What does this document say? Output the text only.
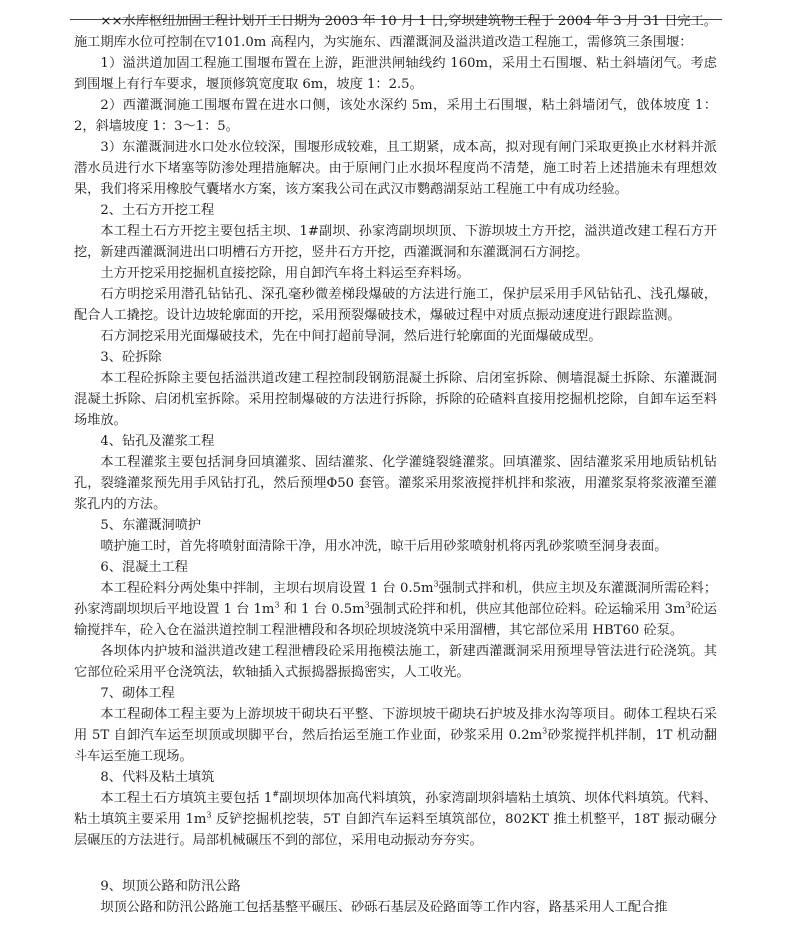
××水库枢纽加固工程计划开工日期为 2003 年 10 月 1 日,穿坝建筑物工程于 2004 年 3 月 31 日完工。施工期库水位可控制在▽101.0m 高程内，为实施东、西灌溉洞及溢洪道改造工程施工，需修筑三条围堰：

1）溢洪道加固工程施工围堰布置在上游，距泄洪闸轴线约 160m，采用土石围堰、粘土斜墙闭气。考虑到围堰上有行车要求，堰顶修筑宽度取 6m，坡度 1：2.5。

2）西灌溉洞施工围堰布置在进水口侧，该处水深约 5m，采用土石围堰，粘土斜墙闭气，戗体坡度 1：2，斜墙坡度 1：3～1：5。

3）东灌溉洞进水口处水位较深，围堰形成较难，且工期紧，成本高，拟对现有闸门采取更换止水材料并派潜水员进行水下堵塞等防渗处理措施解决。由于原闸门止水损坏程度尚不清楚，施工时若上述措施未有理想效果，我们将采用橡胶气囊堵水方案，该方案我公司在武汉市鹦鹉湖泵站工程施工中有成功经验。

2、土石方开挖工程

本工程土石方开挖主要包括主坝、1#副坝、孙家湾副坝坝顶、下游坝坡土方开挖，溢洪道改建工程石方开挖，新建西灌溉洞进出口明槽石方开挖，竖井石方开挖，西灌溉洞和东灌溉洞石方洞挖。

土方开挖采用挖掘机直接挖除，用自卸汽车将土料运至弃料场。

石方明挖采用潜孔钻钻孔、深孔毫秒微差梯段爆破的方法进行施工，保护层采用手风钻钻孔、浅孔爆破，配合人工撬挖。设计边坡轮廓面的开挖，采用预裂爆破技术，爆破过程中对质点振动速度进行跟踪监测。

石方洞挖采用光面爆破技术，先在中间打超前导洞，然后进行轮廓面的光面爆破成型。

3、砼拆除

本工程砼拆除主要包括溢洪道改建工程控制段钢筋混凝土拆除、启闭室拆除、侧墙混凝土拆除、东灌溉洞混凝土拆除、启闭机室拆除。采用控制爆破的方法进行拆除，拆除的砼碴料直接用挖掘机挖除，自卸车运至料场堆放。

4、钻孔及灌浆工程

本工程灌浆主要包括洞身回填灌浆、固结灌浆、化学灌缝裂缝灌浆。回填灌浆、固结灌浆采用地质钻机钻孔，裂缝灌浆预先用手风钻打孔，然后预埋Φ50 套管。灌浆采用浆液搅拌机拌和浆液，用灌浆泵将浆液灌至灌浆孔内的方法。

5、东灌溉洞喷护

喷护施工时，首先将喷射面清除干净，用水冲洗，晾干后用砂浆喷射机将丙乳砂浆喷至洞身表面。

6、混凝土工程

本工程砼料分两处集中拌制，主坝右坝肩设置 1 台 $0.5m^3$强制式拌和机，供应主坝及东灌溉洞所需砼料；孙家湾副坝坝后平地设置 1 台 $1m^3$ 和 1 台 $0.5m^3$强制式砼拌和机，供应其他部位砼料。砼运输采用 $3m^3$砼运输搅拌车，砼入仓在溢洪道控制工程泄槽段和各坝砼坝坡浇筑中采用溜槽，其它部位采用 HBT60 砼泵。

各坝体内护坡和溢洪道改建工程泄槽段砼采用拖模法施工，新建西灌溉洞采用预埋导管法进行砼浇筑。其它部位砼采用平仓浇筑法，软轴插入式振捣器振捣密实，人工收光。

7、砌体工程

本工程砌体工程主要为上游坝坡干砌块石平整、下游坝坡干砌块石护坡及排水沟等项目。砌体工程块石采用 5T 自卸汽车运至坝顶或坝脚平台，然后抬运至施工作业面，砂浆采用 $0.2m^3$砂浆搅拌机拌制，1T 机动翻斗车运至施工现场。

8、代料及粘土填筑

本工程土石方填筑主要包括 1#副坝坝体加高代料填筑，孙家湾副坝斜墙粘土填筑、坝体代料填筑。代料、粘土填筑主要采用 $1m^3$ 反铲挖掘机挖装，5T 自卸汽车运料至填筑部位，802KT 推土机整平，18T 振动碾分层碾压的方法进行。局部机械碾压不到的部位，采用电动振动夯夯实。

9、坝顶公路和防汛公路

坝顶公路和防汛公路施工包括基整平碾压、砂砾石基层及砼路面等工作内容，路基采用人工配合推
